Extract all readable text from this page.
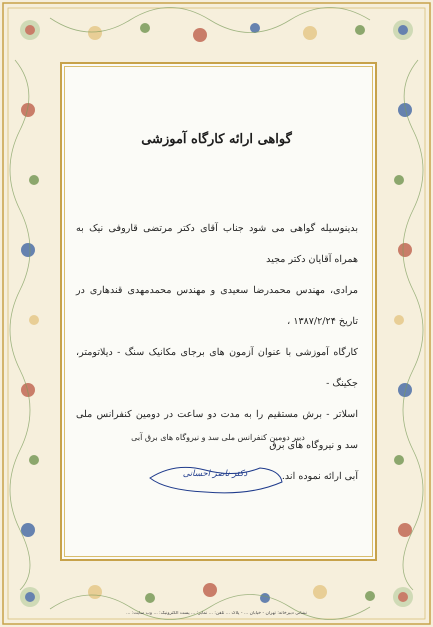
گواهی ارائه کارگاه آموزشی
بدینوسیله گواهی می شود جناب آقای دکتر مرتضی قاروفی نیک به همراه آقایان دکتر مجید
مرادی، مهندس محمدرضا سعیدی و مهندس محمدمهدی قندهاری در تاریخ ۱۳۸۷/۲/۲۴ ،
کارگاه آموزشی با عنوان آزمون های برجای مکانیک سنگ - دیلاتومتر، جکینگ -
اسلاتر - برش مستقیم را به مدت دو ساعت در دومین کنفرانس ملی سد و نیروگاه های برق
آبی ارائه نموده اند.
دبیر دومین کنفرانس ملی سد و نیروگاه های برق آبی
دکتر ناصر احسانی
نشانی دبیرخانه: تهران - خیابان ... - پلاک ... تلفن: ... نمابر: ... پست الکترونیک: ... وب سایت: ...
